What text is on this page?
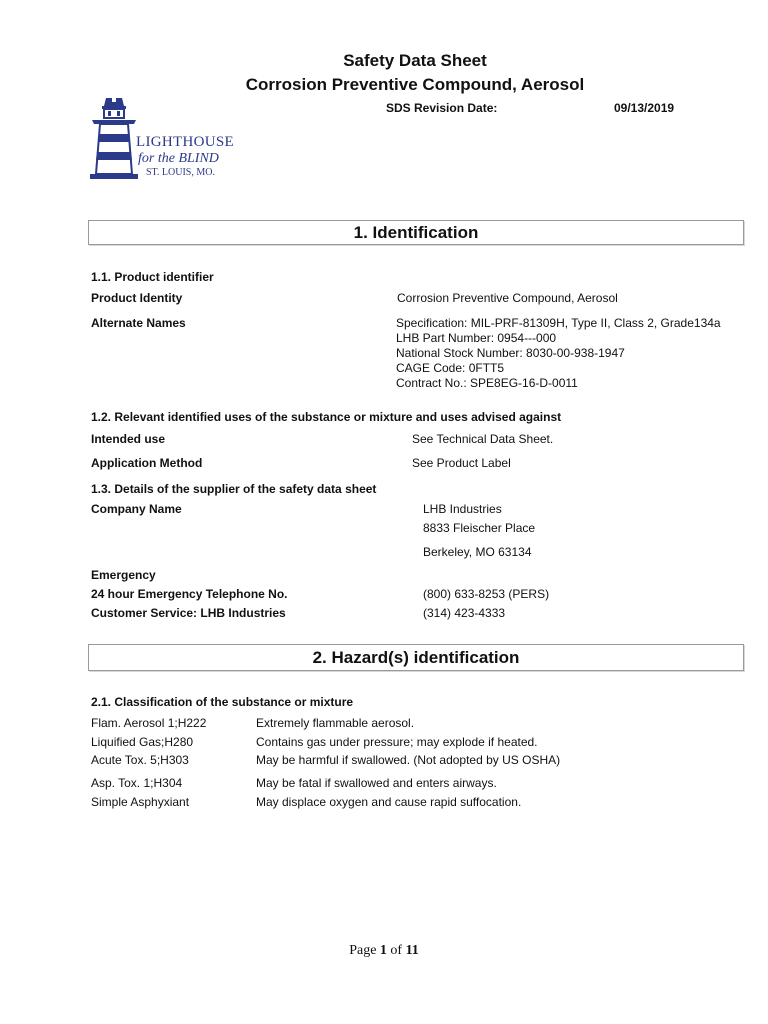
Safety Data Sheet
Corrosion Preventive Compound, Aerosol
SDS Revision Date:	09/13/2019
LIGHTHOUSE
for the BLIND
ST. LOUIS, MO.
1. Identification
1.1. Product identifier
Product Identity	Corrosion Preventive Compound, Aerosol
Alternate Names	Specification: MIL-PRF-81309H, Type II, Class 2, Grade134a
LHB Part Number: 0954---000
National Stock Number: 8030-00-938-1947
CAGE Code: 0FTT5
Contract No.: SPE8EG-16-D-0011
1.2. Relevant identified uses of the substance or mixture and uses advised against
Intended use	See Technical Data Sheet.
Application Method	See Product Label
1.3. Details of the supplier of the safety data sheet
Company Name	LHB Industries
8833 Fleischer Place
Berkeley, MO 63134
Emergency
24 hour Emergency Telephone No.	(800) 633-8253 (PERS)
Customer Service: LHB Industries	(314) 423-4333
2. Hazard(s) identification
2.1. Classification of the substance or mixture
Flam. Aerosol 1;H222	Extremely flammable aerosol.
Liquified Gas;H280	Contains gas under pressure; may explode if heated.
Acute Tox. 5;H303	May be harmful if swallowed. (Not adopted by US OSHA)
Asp. Tox. 1;H304	May be fatal if swallowed and enters airways.
Simple Asphyxiant	May displace oxygen and cause rapid suffocation.
Page 1 of 11
